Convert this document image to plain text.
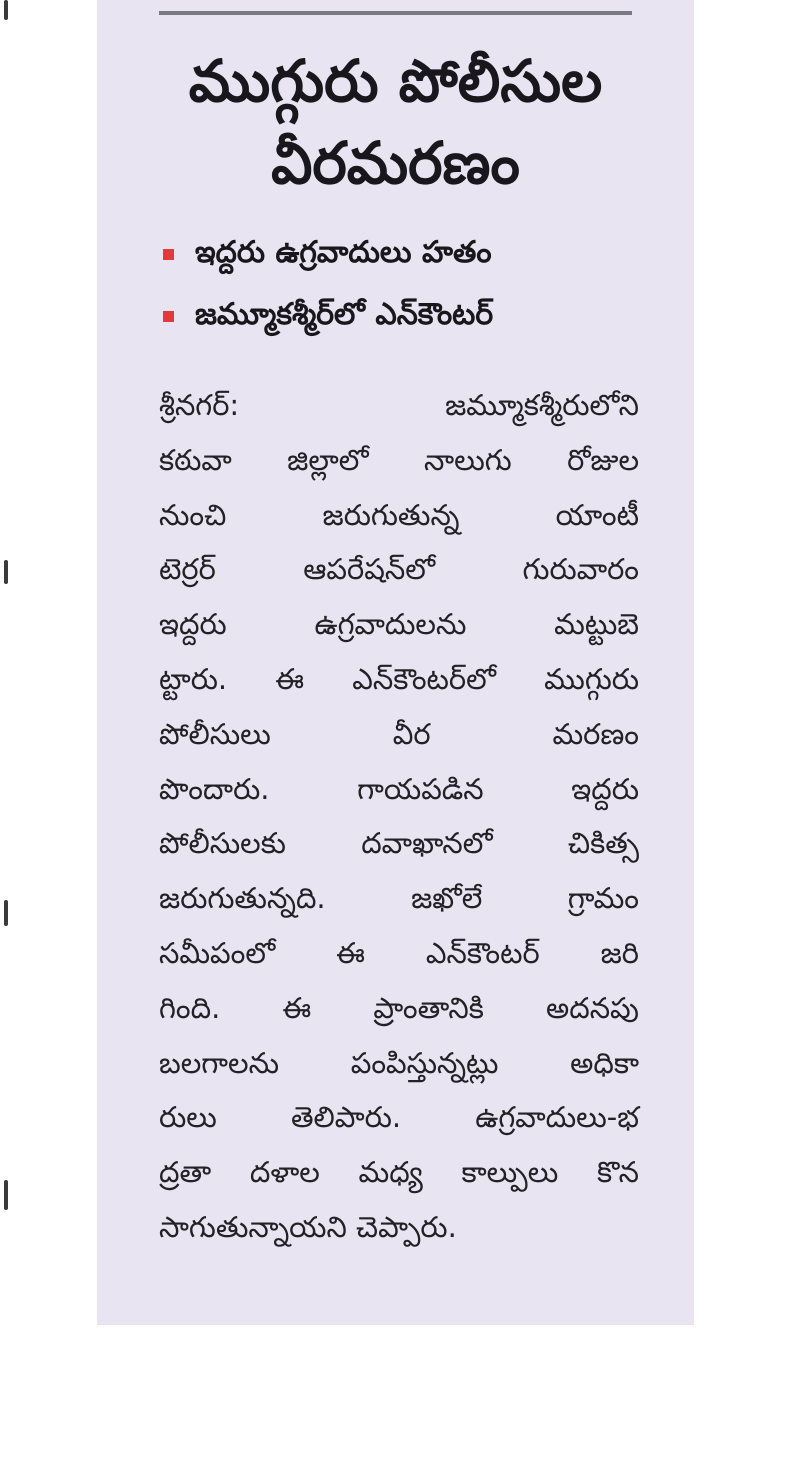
ముగ్గురు పోలీసుల
వీరమరణం
ఇద్దరు ఉగ్రవాదులు హతం
జమ్మూకశ్మీర్‌లో ఎన్‌కౌంటర్
శ్రీనగర్: జమ్మూకశ్మీరులోని
కఠువా జిల్లాలో నాలుగు రోజుల
నుంచి జరుగుతున్న యాంటీ
టెర్రర్ ఆపరేషన్‌లో గురువారం
ఇద్దరు ఉగ్రవాదులను మట్టుబె
ట్టారు. ఈ ఎన్‌కౌంటర్‌లో ముగ్గురు
పోలీసులు వీర మరణం
పొందారు. గాయపడిన ఇద్దరు
పోలీసులకు దవాఖానలో చికిత్స
జరుగుతున్నది. జఖోలే గ్రామం
సమీపంలో ఈ ఎన్‌కౌంటర్ జరి
గింది. ఈ ప్రాంతానికి అదనపు
బలగాలను పంపిస్తున్నట్లు అధికా
రులు తెలిపారు. ఉగ్రవాదులు-భ
ద్రతా దళాల మధ్య కాల్పులు కొన
సాగుతున్నాయని చెప్పారు.
